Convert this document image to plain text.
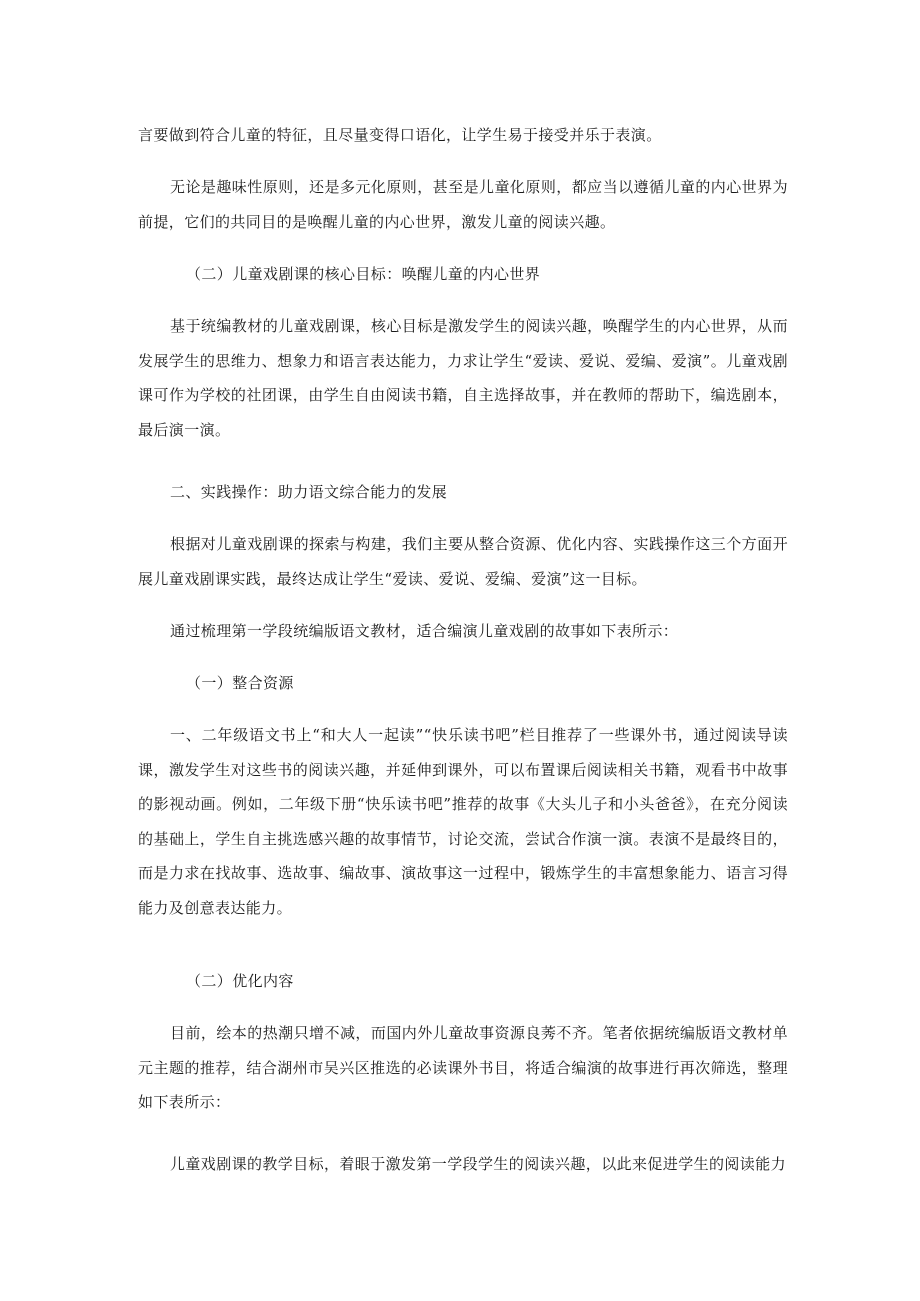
言要做到符合儿童的特征，且尽量变得口语化，让学生易于接受并乐于表演。

无论是趣味性原则，还是多元化原则，甚至是儿童化原则，都应当以遵循儿童的内心世界为前提，它们的共同目的是唤醒儿童的内心世界，激发儿童的阅读兴趣。

（二）儿童戏剧课的核心目标：唤醒儿童的内心世界

基于统编教材的儿童戏剧课，核心目标是激发学生的阅读兴趣，唤醒学生的内心世界，从而发展学生的思维力、想象力和语言表达能力，力求让学生“爱读、爱说、爱编、爱演”。儿童戏剧课可作为学校的社团课，由学生自由阅读书籍，自主选择故事，并在教师的帮助下，编选剧本，最后演一演。

二、实践操作：助力语文综合能力的发展

根据对儿童戏剧课的探索与构建，我们主要从整合资源、优化内容、实践操作这三个方面开展儿童戏剧课实践，最终达成让学生“爱读、爱说、爱编、爱演”这一目标。

通过梳理第一学段统编版语文教材，适合编演儿童戏剧的故事如下表所示：

（一）整合资源

一、二年级语文书上“和大人一起读”“快乐读书吧”栏目推荐了一些课外书，通过阅读导读课，激发学生对这些书的阅读兴趣，并延伸到课外，可以布置课后阅读相关书籍，观看书中故事的影视动画。例如，二年级下册“快乐读书吧”推荐的故事《大头儿子和小头爸爸》，在充分阅读的基础上，学生自主挑选感兴趣的故事情节，讨论交流，尝试合作演一演。表演不是最终目的，而是力求在找故事、选故事、编故事、演故事这一过程中，锻炼学生的丰富想象能力、语言习得能力及创意表达能力。

（二）优化内容

目前，绘本的热潮只增不减，而国内外儿童故事资源良莠不齐。笔者依据统编版语文教材单元主题的推荐，结合湖州市吴兴区推选的必读课外书目，将适合编演的故事进行再次筛选，整理如下表所示：

儿童戏剧课的教学目标，着眼于激发第一学段学生的阅读兴趣，以此来促进学生的阅读能力
